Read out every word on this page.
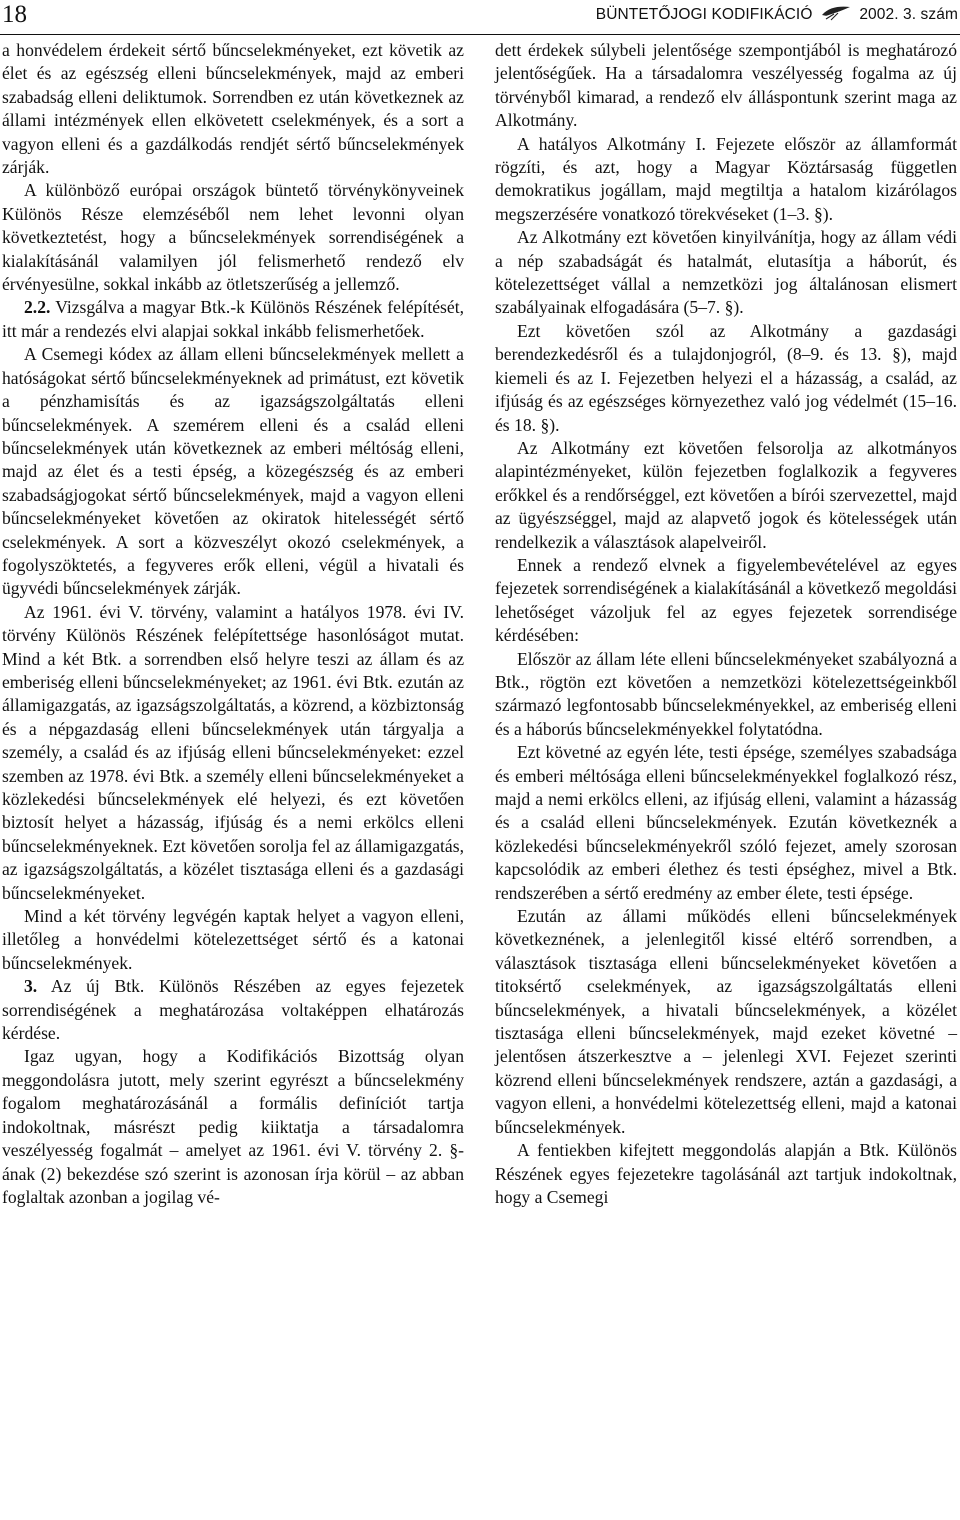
18	BÜNTETŐJOGI KODIFIKÁCIÓ	2002. 3. szám

a honvédelem érdekeit sértő bűncselekményeket, ezt követik az élet és az egészség elleni bűncselekmények, majd az emberi szabadság elleni deliktumok. Sorrendben ez után következnek az állami intézmények ellen elkövetett cselekmények, és a sort a vagyon elleni és a gazdálkodás rendjét sértő bűncselekmények zárják.

A különböző európai országok büntető törvénykönyveinek Különös Része elemzéséből nem lehet levonni olyan következtetést, hogy a bűncselekmények sorrendiségének a kialakításánál valamilyen jól felismerhető rendező elv érvényesülne, sokkal inkább az ötletszerűség a jellemző.

2.2. Vizsgálva a magyar Btk.-k Különös Részének felépítését, itt már a rendezés elvi alapjai sokkal inkább felismerhetőek.

A Csemegi kódex az állam elleni bűncselekmények mellett a hatóságokat sértő bűncselekményeknek ad primátust, ezt követik a pénzhamisítás és az igazságszolgáltatás elleni bűncselekmények. A szemérem elleni és a család elleni bűncselekmények után következnek az emberi méltóság elleni, majd az élet és a testi épség, a közegészség és az emberi szabadságjogokat sértő bűncselekmények, majd a vagyon elleni bűncselekményeket követően az okiratok hitelességét sértő cselekmények. A sort a közveszélyt okozó cselekmények, a fogolyszöktetés, a fegyveres erők elleni, végül a hivatali és ügyvédi bűncselekmények zárják.

Az 1961. évi V. törvény, valamint a hatályos 1978. évi IV. törvény Különös Részének felépítettsége hasonlóságot mutat. Mind a két Btk. a sorrendben első helyre teszi az állam és az emberiség elleni bűncselekményeket; az 1961. évi Btk. ezután az államigazgatás, az igazságszolgáltatás, a közrend, a közbiztonság és a népgazdaság elleni bűncselekmények után tárgyalja a személy, a család és az ifjúság elleni bűncselekményeket: ezzel szemben az 1978. évi Btk. a személy elleni bűncselekményeket a közlekedési bűncselekmények elé helyezi, és ezt követően biztosít helyet a házasság, ifjúság és a nemi erkölcs elleni bűncselekményeknek. Ezt követően sorolja fel az államigazgatás, az igazságszolgáltatás, a közélet tisztasága elleni és a gazdasági bűncselekményeket.

Mind a két törvény legvégén kaptak helyet a vagyon elleni, illetőleg a honvédelmi kötelezettséget sértő és a katonai bűncselekmények.

3. Az új Btk. Különös Részében az egyes fejezetek sorrendiségének a meghatározása voltaképpen elhatározás kérdése.

Igaz ugyan, hogy a Kodifikációs Bizottság olyan meggondolásra jutott, mely szerint egyrészt a bűncselekmény fogalom meghatározásánál a formális definíciót tartja indokoltnak, másrészt pedig kiiktatja a társadalomra veszélyesség fogalmát – amelyet az 1961. évi V. törvény 2. §-ának (2) bekezdése szó szerint is azonosan írja körül – az abban foglaltak azonban a jogilag vé-

dett érdekek súlybeli jelentősége szempontjából is meghatározó jelentőségűek. Ha a társadalomra veszélyesség fogalma az új törvényből kimarad, a rendező elv álláspontunk szerint maga az Alkotmány.

A hatályos Alkotmány I. Fejezete először az államformát rögzíti, és azt, hogy a Magyar Köztársaság független demokratikus jogállam, majd megtiltja a hatalom kizárólagos megszerzésére vonatkozó törekvéseket (1–3. §).

Az Alkotmány ezt követően kinyilvánítja, hogy az állam védi a nép szabadságát és hatalmát, elutasítja a háborút, és kötelezettséget vállal a nemzetközi jog általánosan elismert szabályainak elfogadására (5–7. §).

Ezt követően szól az Alkotmány a gazdasági berendezkedésről és a tulajdonjogról, (8–9. és 13. §), majd kiemeli és az I. Fejezetben helyezi el a házasság, a család, az ifjúság és az egészséges környezethez való jog védelmét (15–16. és 18. §).

Az Alkotmány ezt követően felsorolja az alkotmányos alapintézményeket, külön fejezetben foglalkozik a fegyveres erőkkel és a rendőrséggel, ezt követően a bírói szervezettel, majd az ügyészséggel, majd az alapvető jogok és kötelességek után rendelkezik a választások alapelveiről.

Ennek a rendező elvnek a figyelembevételével az egyes fejezetek sorrendiségének a kialakításánál a következő megoldási lehetőséget vázoljuk fel az egyes fejezetek sorrendisége kérdésében:

Először az állam léte elleni bűncselekményeket szabályozná a Btk., rögtön ezt követően a nemzetközi kötelezettségeinkből származó legfontosabb bűncselekményekkel, az emberiség elleni és a háborús bűncselekményekkel folytatódna.

Ezt követné az egyén léte, testi épsége, személyes szabadsága és emberi méltósága elleni bűncselekményekkel foglalkozó rész, majd a nemi erkölcs elleni, az ifjúság elleni, valamint a házasság és a család elleni bűncselekmények. Ezután következnék a közlekedési bűncselekményekről szóló fejezet, amely szorosan kapcsolódik az emberi élethez és testi épséghez, mivel a Btk. rendszerében a sértő eredmény az ember élete, testi épsége.

Ezután az állami működés elleni bűncselekmények következnének, a jelenlegitől kissé eltérő sorrendben, a választások tisztasága elleni bűncselekményeket követően a titoksértő cselekmények, az igazságszolgáltatás elleni bűncselekmények, a hivatali bűncselekmények, a közélet tisztasága elleni bűncselekmények, majd ezeket követné – jelentősen átszerkesztve a – jelenlegi XVI. Fejezet szerinti közrend elleni bűncselekmények rendszere, aztán a gazdasági, a vagyon elleni, a honvédelmi kötelezettség elleni, majd a katonai bűncselekmények.

A fentiekben kifejtett meggondolás alapján a Btk. Különös Részének egyes fejezetekre tagolásánál azt tartjuk indokoltnak, hogy a Csemegi
